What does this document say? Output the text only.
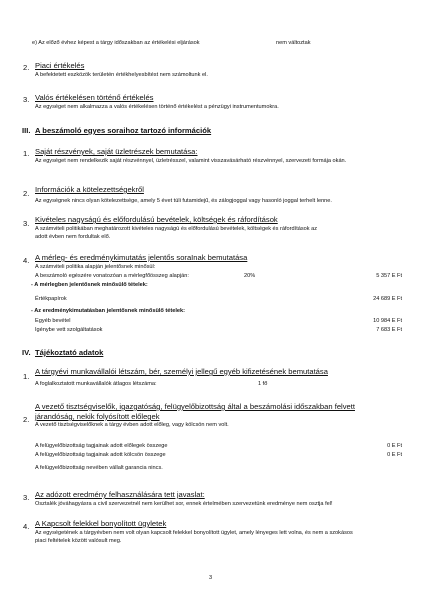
e) Az előző évhez képest a tárgy időszakban az értékelési eljárások	nem változtak
2. Piaci értékelés
A befektetett eszközök területén értékhelyesbítést nem számoltunk el.
3. Valós értékelésen történő értékelés
Az egységet nem alkalmazza a valós értékelésen történő értékelést a pénzügyi instrumentumokra.
III. A beszámoló egyes soraihoz tartozó információk
1. Saját részvények, saját üzletrészek bemutatása:
Az egységet nem rendelkezik saját részvénnyel, üzletrésszel, valamint visszavásárható részvénnyel, szervezeti formája okán.
2. Információk a kötelezettségekről
Az egységnek nincs olyan kötelezettsége, amely 5 évet túli futamidejű, és zálogjoggal vagy hasonló joggal terhelt lenne.
3. Kivételes nagyságú és előfordulású bevételek, költségek és ráfordítások
A számviteli politikában meghatározott kivételes nagyságú és előfordulású bevételek, költségek és ráfordítások az
adott évben nem fordultak elő.
4. A mérleg- és eredménykimutatás jelentős soraInak bemutatása
A számviteli politika alapján jelentősnek minősül:
A beszámoló egészére vonatozóan a mérlegfőösszeg alapján:	20%	5 357 E Ft
- A mérlegben jelentősnek minősülő tételek:
Értékpapírok	24 689 E Ft
- Az eredménykimutatásban jelentősnek minősülő tételek:
Egyéb bevétel	10 984 E Ft
Igénybe vett szolgáltatások	7 683 E Ft
IV. Tájékoztató adatok
1.
A tárgyévi munkavállalói létszám, bér, személyi jellegű egyéb kifizetésének bemutatása
A foglalkoztatott munkavállalók átlagos létszáma:	1 fő
A vezető tisztségviselők, igazgatóság, felügyelőbizottság által a beszámolási időszakban felvett
2. járandóság, nekik folyósított előlegek
A vezető tisztségviselőknek a tárgy évben adott előleg, vagy kölcsön nem volt.
A felügyelőbizottság tagjainak adott előlegek összege	0 E Ft
A felügyelőbizottság tagjainak adott kölcsön összege	0 E Ft
A felügyelőbizottság nevében vállalt garancia nincs.
3. Az adózott eredmény felhasználására tett javaslat:
Osztalék jóváhagyásra a civil szervezetnél nem kerülhet sor, ennek értelmében szervezetünk eredménye nem osztja fel!
4. A Kapcsolt felekkel bonyolított ügyletek
Az egységetének a tárgyévben nem volt olyan kapcsolt felekkel bonyolított ügylet, amely lényeges lett volna, és nem a szokásos
piaci feltételek között valósult meg.
3
